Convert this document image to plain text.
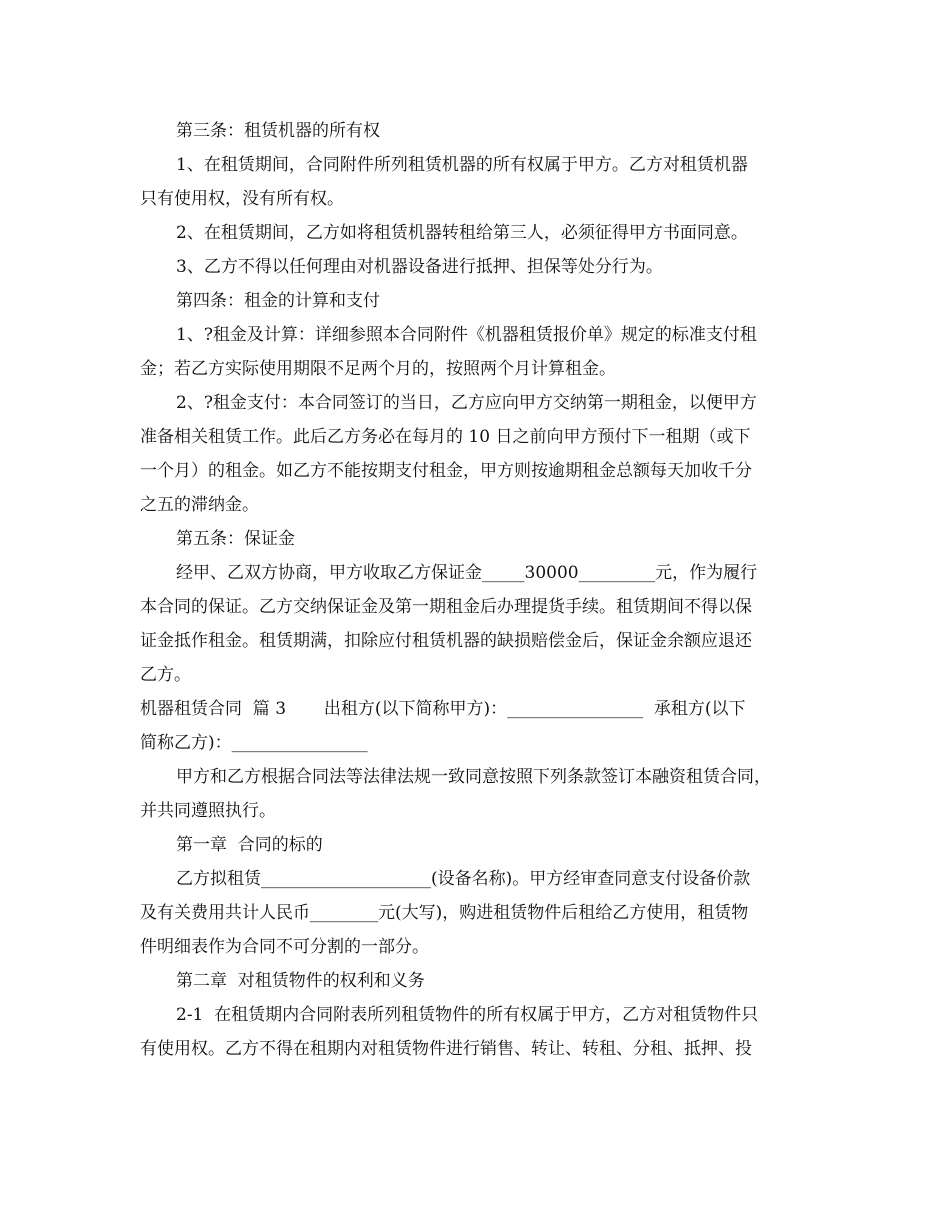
第三条：租赁机器的所有权
1、在租赁期间，合同附件所列租赁机器的所有权属于甲方。乙方对租赁机器
只有使用权，没有所有权。
2、在租赁期间，乙方如将租赁机器转租给第三人，必须征得甲方书面同意。
3、乙方不得以任何理由对机器设备进行抵押、担保等处分行为。
第四条：租金的计算和支付
1、?租金及计算：详细参照本合同附件《机器租赁报价单》规定的标准支付租
金；若乙方实际使用期限不足两个月的，按照两个月计算租金。
2、?租金支付：本合同签订的当日，乙方应向甲方交纳第一期租金，以便甲方
准备相关租赁工作。此后乙方务必在每月的 10 日之前向甲方预付下一租期（或下
一个月）的租金。如乙方不能按期支付租金，甲方则按逾期租金总额每天加收千分
之五的滞纳金。
第五条：保证金
经甲、乙双方协商，甲方收取乙方保证金_____30000_________元，作为履行
本合同的保证。乙方交纳保证金及第一期租金后办理提货手续。租赁期间不得以保
证金抵作租金。租赁期满，扣除应付租赁机器的缺损赔偿金后，保证金余额应退还
乙方。
机器租赁合同  篇 3       出租方(以下简称甲方)：________________  承租方(以下
简称乙方)：________________
甲方和乙方根据合同法等法律法规一致同意按照下列条款签订本融资租赁合同，
并共同遵照执行。
第一章  合同的标的
乙方拟租赁____________________(设备名称)。甲方经审查同意支付设备价款
及有关费用共计人民币________元(大写)，购进租赁物件后租给乙方使用，租赁物
件明细表作为合同不可分割的一部分。
第二章  对租赁物件的权利和义务
2-1  在租赁期内合同附表所列租赁物件的所有权属于甲方，乙方对租赁物件只
有使用权。乙方不得在租期内对租赁物件进行销售、转让、转租、分租、抵押、投
